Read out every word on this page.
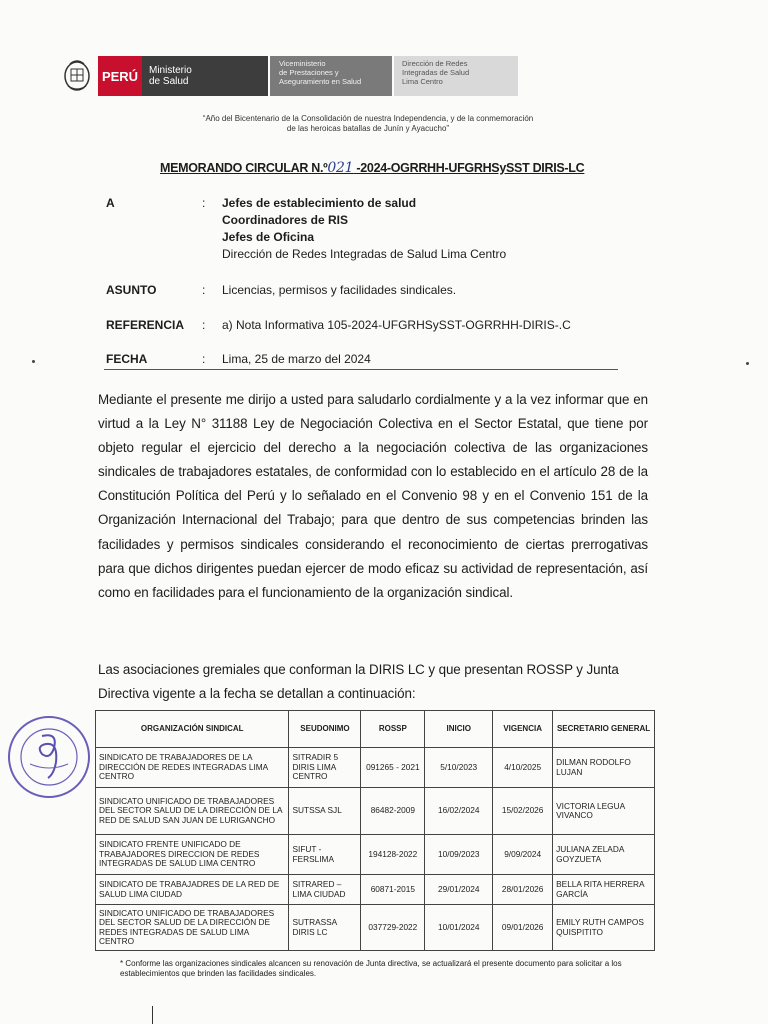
PERÚ Ministerio
de Salud
Viceministerio
de Prestaciones y
Aseguramiento en Salud
Dirección de Redes
Integradas de Salud
Lima Centro
“Año del Bicentenario de la Consolidación de nuestra Independencia, y de la conmemoración
de las heroicas batallas de Junín y Ayacucho”
MEMORANDO CIRCULAR N.º021 -2024-OGRRHH-UFGRHSySST DIRIS-LC
A	: Jefes de establecimiento de salud
Coordinadores de RIS
Jefes de Oficina
Dirección de Redes Integradas de Salud Lima Centro
ASUNTO	: Licencias, permisos y facilidades sindicales.
REFERENCIA : a) Nota Informativa 105-2024-UFGRHSySST-OGRRHH-DIRIS-.C
FECHA	: Lima, 25 de marzo del 2024
Mediante el presente me dirijo a usted para saludarlo cordialmente y a la vez informar que en virtud a la Ley N° 31188 Ley de Negociación Colectiva en el Sector Estatal, que tiene por objeto regular el ejercicio del derecho a la negociación colectiva de las organizaciones sindicales de trabajadores estatales, de conformidad con lo establecido en el artículo 28 de la Constitución Política del Perú y lo señalado en el Convenio 98 y en el Convenio 151 de la Organización Internacional del Trabajo; para que dentro de sus competencias brinden las facilidades y permisos sindicales considerando el reconocimiento de ciertas prerrogativas para que dichos dirigentes puedan ejercer de modo eficaz su actividad de representación, así como en facilidades para el funcionamiento de la organización sindical.
Las asociaciones gremiales que conforman la DIRIS LC y que presentan ROSSP y Junta Directiva vigente a la fecha se detallan a continuación:
ORGANIZACIÓN SINDICAL	SEUDONIMO	ROSSP	INICIO	VIGENCIA	SECRETARIO GENERAL
SINDICATO DE TRABAJADORES DE LA DIRECCIÓN DE REDES INTEGRADAS LIMA CENTRO	SITRADIR 5 DIRIS LIMA CENTRO	091265 - 2021	5/10/2023	4/10/2025	DILMAN RODOLFO LUJAN
SINDICATO UNIFICADO DE TRABAJADORES DEL SECTOR SALUD DE LA DIRECCIÓN DE LA RED DE SALUD SAN JUAN DE LURIGANCHO	SUTSSA SJL	86482-2009	16/02/2024	15/02/2026	VICTORIA LEGUA VIVANCO
SINDICATO FRENTE UNIFICADO DE TRABAJADORES DIRECCION DE REDES INTEGRADAS DE SALUD LIMA CENTRO	SIFUT - FERSLIMA	194128-2022	10/09/2023	9/09/2024	JULIANA ZELADA GOYZUETA
SINDICATO DE TRABAJADRES DE LA RED DE SALUD LIMA CIUDAD	SITRARED – LIMA CIUDAD	60871-2015	29/01/2024	28/01/2026	BELLA RITA HERRERA GARCÍA
SINDICATO UNIFICADO DE TRABAJADORES DEL SECTOR SALUD DE LA DIRECCIÓN DE REDES INTEGRADAS DE SALUD LIMA CENTRO	SUTRASSA DIRIS LC	037729-2022	10/01/2024	09/01/2026	EMILY RUTH CAMPOS QUISPITITO
* Conforme las organizaciones sindicales alcancen su renovación de Junta directiva, se actualizará el presente documento para solicitar a los establecimientos que brinden las facilidades sindicales.
